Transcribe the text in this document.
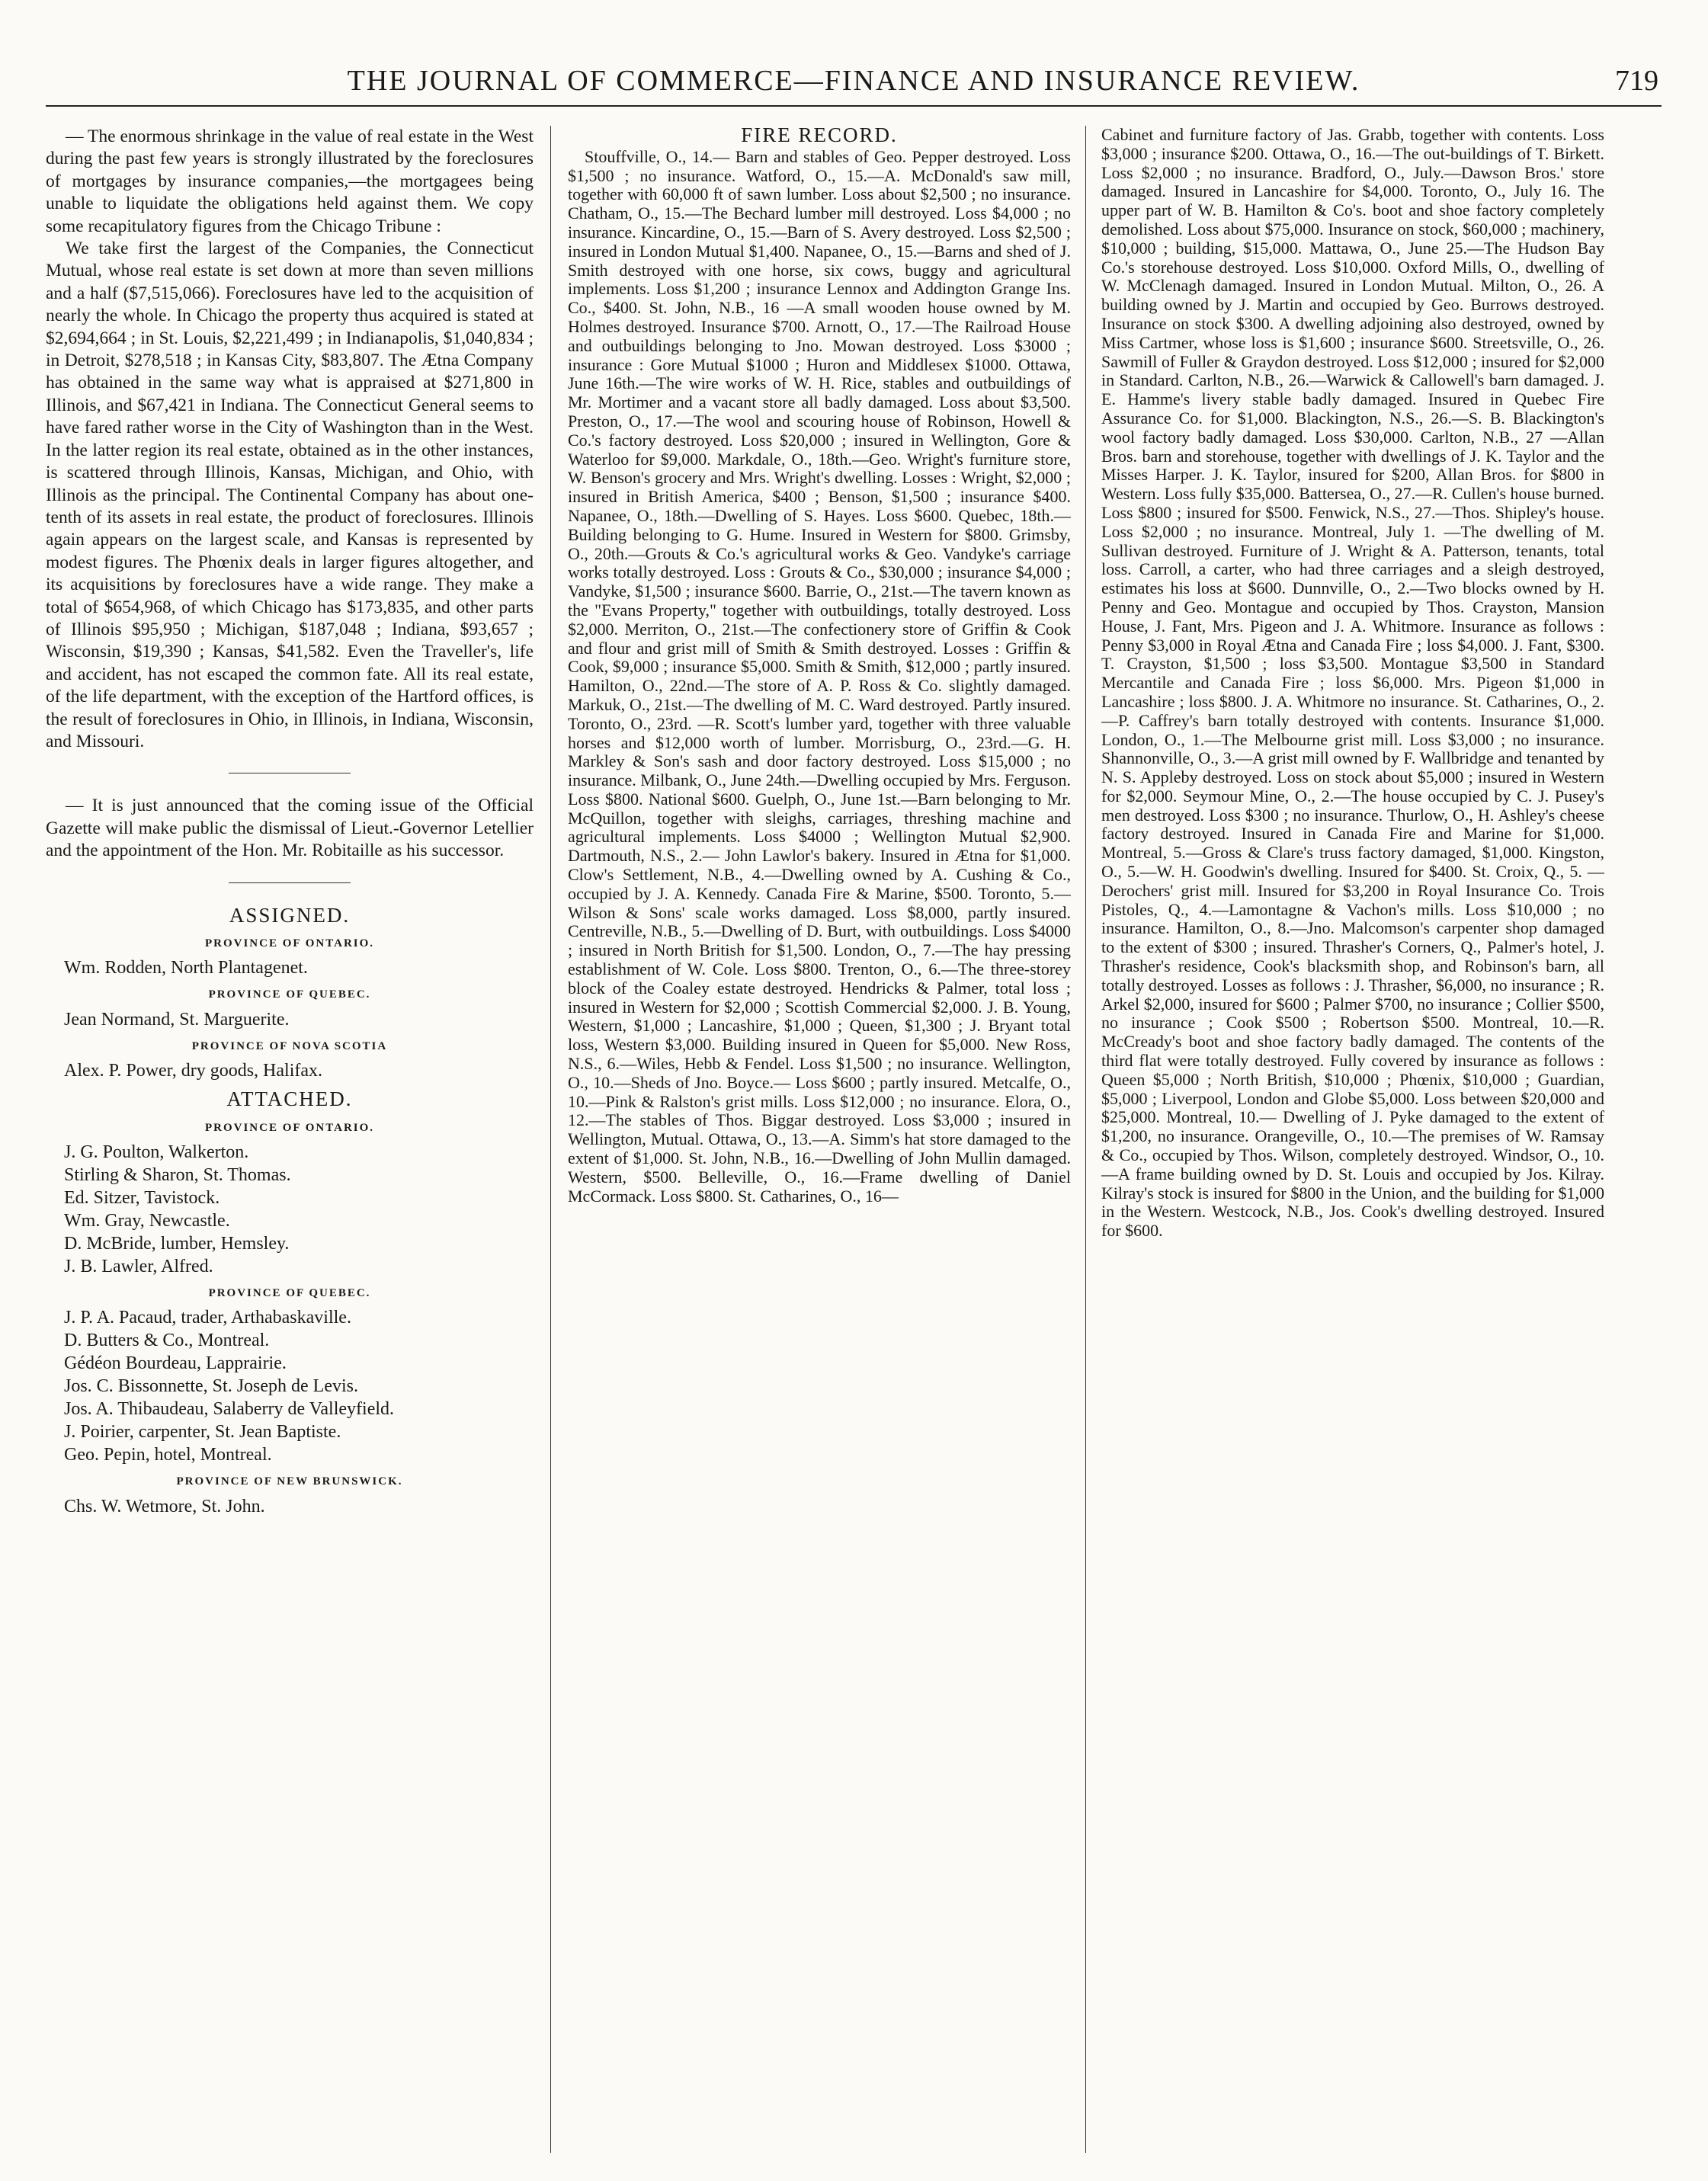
THE JOURNAL OF COMMERCE—FINANCE AND INSURANCE REVIEW.	719

— The enormous shrinkage in the value of real estate in the West during the past few years is strongly illustrated by the foreclosures of mortgages by insurance companies,—the mortgagees being unable to liquidate the obligations held against them. We copy some recapitulatory figures from the Chicago Tribune :

We take first the largest of the Companies, the Connecticut Mutual, whose real estate is set down at more than seven millions and a half ($7,515,066). Foreclosures have led to the acquisition of nearly the whole. In Chicago the property thus acquired is stated at $2,694,664 ; in St. Louis, $2,221,499 ; in Indianapolis, $1,040,834 ; in Detroit, $278,518 ; in Kansas City, $83,807. The Ætna Company has obtained in the same way what is appraised at $271,800 in Illinois, and $67,421 in Indiana. The Connecticut General seems to have fared rather worse in the City of Washington than in the West. In the latter region its real estate, obtained as in the other instances, is scattered through Illinois, Kansas, Michigan, and Ohio, with Illinois as the principal. The Continental Company has about one-tenth of its assets in real estate, the product of foreclosures. Illinois again appears on the largest scale, and Kansas is represented by modest figures. The Phœnix deals in larger figures altogether, and its acquisitions by foreclosures have a wide range. They make a total of $654,968, of which Chicago has $173,835, and other parts of Illinois $95,950 ; Michigan, $187,048 ; Indiana, $93,657 ; Wisconsin, $19,390 ; Kansas, $41,582. Even the Traveller's, life and accident, has not escaped the common fate. All its real estate, of the life department, with the exception of the Hartford offices, is the result of foreclosures in Ohio, in Illinois, in Indiana, Wisconsin, and Missouri.

— It is just announced that the coming issue of the Official Gazette will make public the dismissal of Lieut.-Governor Letellier and the appointment of the Hon. Mr. Robitaille as his successor.

ASSIGNED.
PROVINCE OF ONTARIO.
Wm. Rodden, North Plantagenet.
PROVINCE OF QUEBEC.
Jean Normand, St. Marguerite.
PROVINCE OF NOVA SCOTIA
Alex. P. Power, dry goods, Halifax.
ATTACHED.
PROVINCE OF ONTARIO.
J. G. Poulton, Walkerton.
Stirling & Sharon, St. Thomas.
Ed. Sitzer, Tavistock.
Wm. Gray, Newcastle.
D. McBride, lumber, Hemsley.
J. B. Lawler, Alfred.
PROVINCE OF QUEBEC.
J. P. A. Pacaud, trader, Arthabaskaville.
D. Butters & Co., Montreal.
Gédéon Bourdeau, Lapprairie.
Jos. C. Bissonnette, St. Joseph de Levis.
Jos. A. Thibaudeau, Salaberry de Valleyfield.
J. Poirier, carpenter, St. Jean Baptiste.
Geo. Pepin, hotel, Montreal.
PROVINCE OF NEW BRUNSWICK.
Chs. W. Wetmore, St. John.
FIRE RECORD.

Stouffville, O., 14.— Barn and stables of Geo. Pepper destroyed. Loss $1,500 ; no insurance. Watford, O., 15.—A. McDonald's saw mill, together with 60,000 ft of sawn lumber. Loss about $2,500 ; no insurance. Chatham, O., 15.—The Bechard lumber mill destroyed. Loss $4,000 ; no insurance. Kincardine, O., 15.—Barn of S. Avery destroyed. Loss $2,500 ; insured in London Mutual $1,400. Napanee, O., 15.—Barns and shed of J. Smith destroyed with one horse, six cows, buggy and agricultural implements. Loss $1,200 ; insurance Lennox and Addington Grange Ins. Co., $400. St. John, N.B., 16 —A small wooden house owned by M. Holmes destroyed. Insurance $700. Arnott, O., 17.—The Railroad House and outbuildings belonging to Jno. Mowan destroyed. Loss $3000 ; insurance : Gore Mutual $1000 ; Huron and Middlesex $1000. Ottawa, June 16th.—The wire works of W. H. Rice, stables and outbuildings of Mr. Mortimer and a vacant store all badly damaged. Loss about $3,500. Preston, O., 17.—The wool and scouring house of Robinson, Howell & Co.'s factory destroyed. Loss $20,000 ; insured in Wellington, Gore & Waterloo for $9,000. Markdale, O., 18th.—Geo. Wright's furniture store, W. Benson's grocery and Mrs. Wright's dwelling. Losses : Wright, $2,000 ; insured in British America, $400 ; Benson, $1,500 ; insurance $400. Napanee, O., 18th.—Dwelling of S. Hayes. Loss $600. Quebec, 18th.—Building belonging to G. Hume. Insured in Western for $800. Grimsby, O., 20th.—Grouts & Co.'s agricultural works & Geo. Vandyke's carriage works totally destroyed. Loss : Grouts & Co., $30,000 ; insurance $4,000 ; Vandyke, $1,500 ; insurance $600. Barrie, O., 21st.—The tavern known as the "Evans Property," together with outbuildings, totally destroyed. Loss $2,000. Merriton, O., 21st.—The confectionery store of Griffin & Cook and flour and grist mill of Smith & Smith destroyed. Losses : Griffin & Cook, $9,000 ; insurance $5,000. Smith & Smith, $12,000 ; partly insured. Hamilton, O., 22nd.—The store of A. P. Ross & Co. slightly damaged. Markuk, O., 21st.—The dwelling of M. C. Ward destroyed. Partly insured. Toronto, O., 23rd. —R. Scott's lumber yard, together with three valuable horses and $12,000 worth of lumber. Morrisburg, O., 23rd.—G. H. Markley & Son's sash and door factory destroyed. Loss $15,000 ; no insurance. Milbank, O., June 24th.—Dwelling occupied by Mrs. Ferguson. Loss $800. National $600. Guelph, O., June 1st.—Barn belonging to Mr. McQuillon, together with sleighs, carriages, threshing machine and agricultural implements. Loss $4000 ; Wellington Mutual $2,900. Dartmouth, N.S., 2.— John Lawlor's bakery. Insured in Ætna for $1,000. Clow's Settlement, N.B., 4.—Dwelling owned by A. Cushing & Co., occupied by J. A. Kennedy. Canada Fire & Marine, $500. Toronto, 5.—Wilson & Sons' scale works damaged. Loss $8,000, partly insured. Centreville, N.B., 5.—Dwelling of D. Burt, with outbuildings. Loss $4000 ; insured in North British for $1,500. London, O., 7.—The hay pressing establishment of W. Cole. Loss $800. Trenton, O., 6.—The three-storey block of the Coaley estate destroyed. Hendricks & Palmer, total loss ; insured in Western for $2,000 ; Scottish Commercial $2,000. J. B. Young, Western, $1,000 ; Lancashire, $1,000 ; Queen, $1,300 ; J. Bryant total loss, Western $3,000. Building insured in Queen for $5,000. New Ross, N.S., 6.—Wiles, Hebb & Fendel. Loss $1,500 ; no insurance. Wellington, O., 10.—Sheds of Jno. Boyce.— Loss $600 ; partly insured. Metcalfe, O., 10.—Pink & Ralston's grist mills. Loss $12,000 ; no insurance. Elora, O., 12.—The stables of Thos. Biggar destroyed. Loss $3,000 ; insured in Wellington, Mutual. Ottawa, O., 13.—A. Simm's hat store damaged to the extent of $1,000. St. John, N.B., 16.—Dwelling of John Mullin damaged. Western, $500. Belleville, O., 16.—Frame dwelling of Daniel McCormack. Loss $800. St. Catharines, O., 16—

Cabinet and furniture factory of Jas. Grabb, together with contents. Loss $3,000 ; insurance $200. Ottawa, O., 16.—The out-buildings of T. Birkett. Loss $2,000 ; no insurance. Bradford, O., July.—Dawson Bros.' store damaged. Insured in Lancashire for $4,000. Toronto, O., July 16. The upper part of W. B. Hamilton & Co's. boot and shoe factory completely demolished. Loss about $75,000. Insurance on stock, $60,000 ; machinery, $10,000 ; building, $15,000. Mattawa, O., June 25.—The Hudson Bay Co.'s storehouse destroyed. Loss $10,000. Oxford Mills, O., dwelling of W. McClenagh damaged. Insured in London Mutual. Milton, O., 26. A building owned by J. Martin and occupied by Geo. Burrows destroyed. Insurance on stock $300. A dwelling adjoining also destroyed, owned by Miss Cartmer, whose loss is $1,600 ; insurance $600. Streetsville, O., 26. Sawmill of Fuller & Graydon destroyed. Loss $12,000 ; insured for $2,000 in Standard. Carlton, N.B., 26.—Warwick & Callowell's barn damaged. J. E. Hamme's livery stable badly damaged. Insured in Quebec Fire Assurance Co. for $1,000. Blackington, N.S., 26.—S. B. Blackington's wool factory badly damaged. Loss $30,000. Carlton, N.B., 27 —Allan Bros. barn and storehouse, together with dwellings of J. K. Taylor and the Misses Harper. J. K. Taylor, insured for $200, Allan Bros. for $800 in Western. Loss fully $35,000. Battersea, O., 27.—R. Cullen's house burned. Loss $800 ; insured for $500. Fenwick, N.S., 27.—Thos. Shipley's house. Loss $2,000 ; no insurance. Montreal, July 1. —The dwelling of M. Sullivan destroyed. Furniture of J. Wright & A. Patterson, tenants, total loss. Carroll, a carter, who had three carriages and a sleigh destroyed, estimates his loss at $600. Dunnville, O., 2.—Two blocks owned by H. Penny and Geo. Montague and occupied by Thos. Crayston, Mansion House, J. Fant, Mrs. Pigeon and J. A. Whitmore. Insurance as follows : Penny $3,000 in Royal Ætna and Canada Fire ; loss $4,000. J. Fant, $300. T. Crayston, $1,500 ; loss $3,500. Montague $3,500 in Standard Mercantile and Canada Fire ; loss $6,000. Mrs. Pigeon $1,000 in Lancashire ; loss $800. J. A. Whitmore no insurance. St. Catharines, O., 2.—P. Caffrey's barn totally destroyed with contents. Insurance $1,000. London, O., 1.—The Melbourne grist mill. Loss $3,000 ; no insurance. Shannonville, O., 3.—A grist mill owned by F. Wallbridge and tenanted by N. S. Appleby destroyed. Loss on stock about $5,000 ; insured in Western for $2,000. Seymour Mine, O., 2.—The house occupied by C. J. Pusey's men destroyed. Loss $300 ; no insurance. Thurlow, O., H. Ashley's cheese factory destroyed. Insured in Canada Fire and Marine for $1,000. Montreal, 5.—Gross & Clare's truss factory damaged, $1,000. Kingston, O., 5.—W. H. Goodwin's dwelling. Insured for $400. St. Croix, Q., 5. —Derochers' grist mill. Insured for $3,200 in Royal Insurance Co. Trois Pistoles, Q., 4.—Lamontagne & Vachon's mills. Loss $10,000 ; no insurance. Hamilton, O., 8.—Jno. Malcomson's carpenter shop damaged to the extent of $300 ; insured. Thrasher's Corners, Q., Palmer's hotel, J. Thrasher's residence, Cook's blacksmith shop, and Robinson's barn, all totally destroyed. Losses as follows : J. Thrasher, $6,000, no insurance ; R. Arkel $2,000, insured for $600 ; Palmer $700, no insurance ; Collier $500, no insurance ; Cook $500 ; Robertson $500. Montreal, 10.—R. McCready's boot and shoe factory badly damaged. The contents of the third flat were totally destroyed. Fully covered by insurance as follows : Queen $5,000 ; North British, $10,000 ; Phœnix, $10,000 ; Guardian, $5,000 ; Liverpool, London and Globe $5,000. Loss between $20,000 and $25,000. Montreal, 10.— Dwelling of J. Pyke damaged to the extent of $1,200, no insurance. Orangeville, O., 10.—The premises of W. Ramsay & Co., occupied by Thos. Wilson, completely destroyed. Windsor, O., 10.—A frame building owned by D. St. Louis and occupied by Jos. Kilray. Kilray's stock is insured for $800 in the Union, and the building for $1,000 in the Western. Westcock, N.B., Jos. Cook's dwelling destroyed. Insured for $600.
